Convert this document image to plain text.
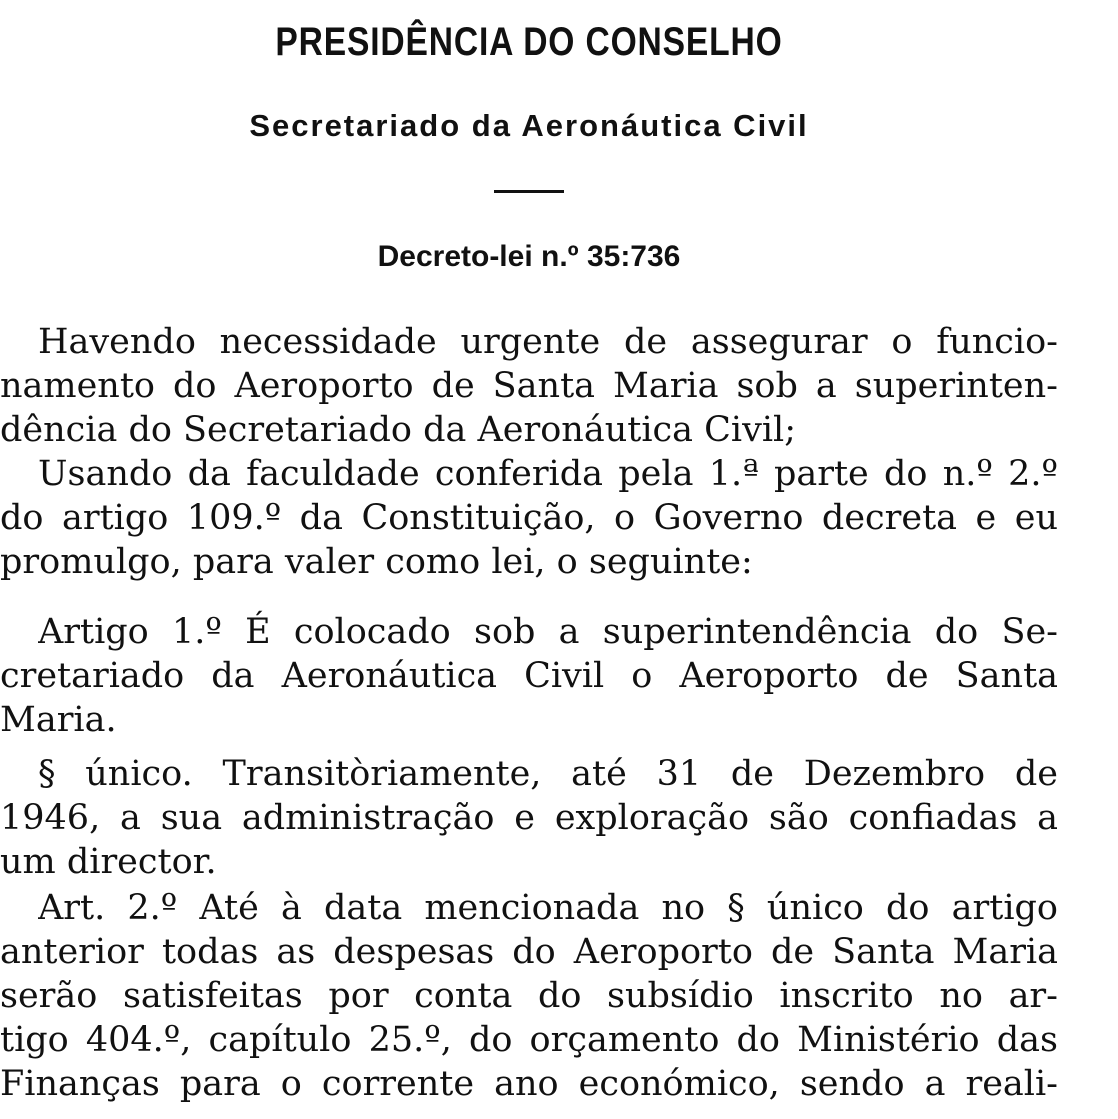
PRESIDÊNCIA DO CONSELHO
Secretariado da Aeronáutica Civil
Decreto-lei n.º 35:736
Havendo necessidade urgente de assegurar o funcio-
namento do Aeroporto de Santa Maria sob a superinten-
dência do Secretariado da Aeronáutica Civil;
Usando da faculdade conferida pela 1.ª parte do n.º 2.º
do artigo 109.º da Constituição, o Governo decreta e eu
promulgo, para valer como lei, o seguinte:
Artigo 1.º É colocado sob a superintendência do Se-
cretariado da Aeronáutica Civil o Aeroporto de Santa
Maria.
§ único. Transitòriamente, até 31 de Dezembro de
1946, a sua administração e exploração são confiadas a
um director.
Art. 2.º Até à data mencionada no § único do artigo
anterior todas as despesas do Aeroporto de Santa Maria
serão satisfeitas por conta do subsídio inscrito no ar-
tigo 404.º, capítulo 25.º, do orçamento do Ministério das
Finanças para o corrente ano económico, sendo a reali-
